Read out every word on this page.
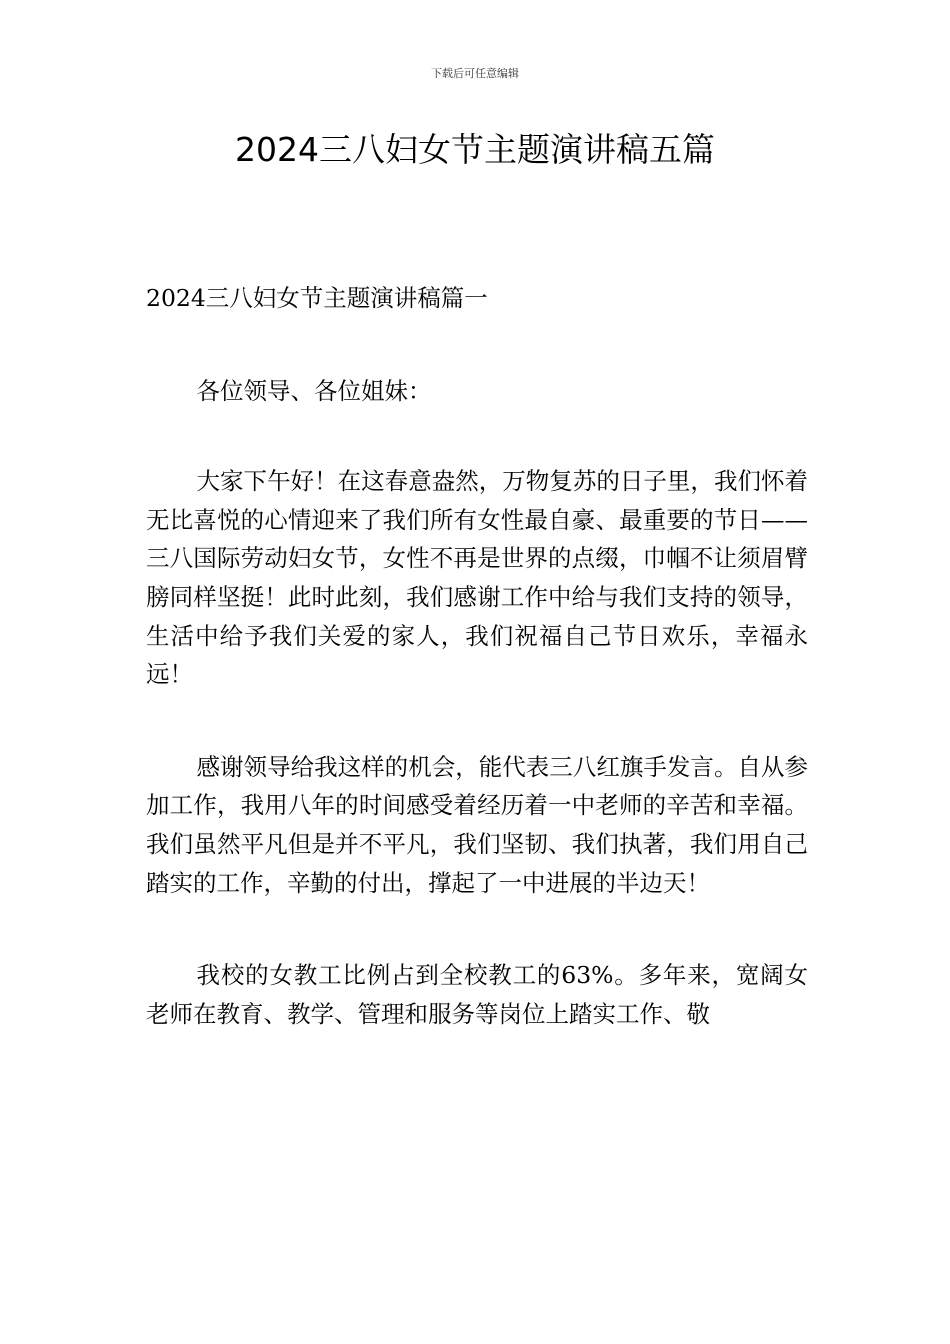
下载后可任意编辑
2024三八妇女节主题演讲稿五篇

2024三八妇女节主题演讲稿篇一

各位领导、各位姐妹：

大家下午好！在这春意盎然，万物复苏的日子里，我们怀着无比喜悦的心情迎来了我们所有女性最自豪、最重要的节日——三八国际劳动妇女节，女性不再是世界的点缀，巾帼不让须眉臂膀同样坚挺！此时此刻，我们感谢工作中给与我们支持的领导，生活中给予我们关爱的家人，我们祝福自己节日欢乐，幸福永远！

感谢领导给我这样的机会，能代表三八红旗手发言。自从参加工作，我用八年的时间感受着经历着一中老师的辛苦和幸福。我们虽然平凡但是并不平凡，我们坚韧、我们执著，我们用自己踏实的工作，辛勤的付出，撑起了一中进展的半边天！

我校的女教工比例占到全校教工的63%。多年来，宽阔女老师在教育、教学、管理和服务等岗位上踏实工作、敬
